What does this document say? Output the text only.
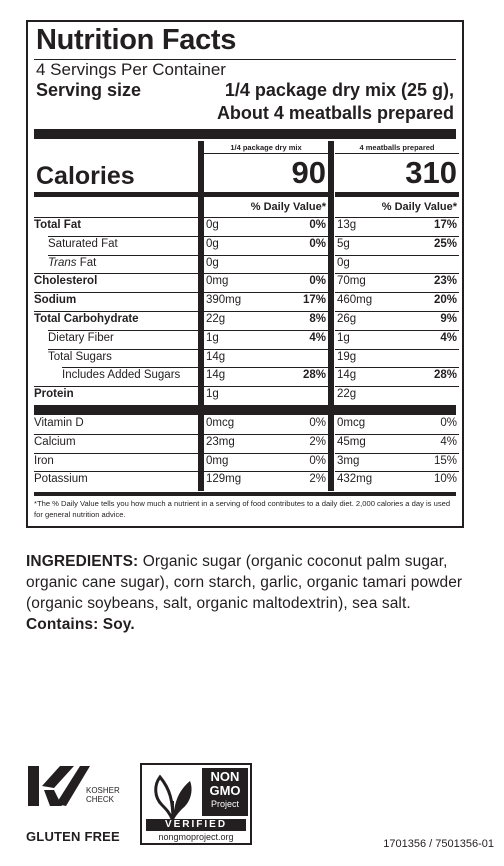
Nutrition Facts
4 Servings Per Container
Serving size	1/4 package dry mix (25 g),
About 4 meatballs prepared
1/4 package dry mix	4 meatballs prepared
Calories	90	310
% Daily Value*	% Daily Value*
Total Fat	0g	0% 13g	17%
Saturated Fat	0g	0% 5g	25%
Trans Fat	0g	0g
Cholesterol	0mg	0% 70mg	23%
Sodium	390mg	17% 460mg	20%
Total Carbohydrate	22g	8% 26g	9%
Dietary Fiber	1g	4% 1g	4%
Total Sugars	14g	19g
Includes Added Sugars 14g	28% 14g	28%
Protein	1g	22g
Vitamin D	0mcg	0% 0mcg	0%
Calcium	23mg	2% 45mg	4%
Iron	0mg	0% 3mg	15%
Potassium	129mg	2% 432mg	10%
*The % Daily Value tells you how much a nutrient in a serving of food contributes to a daily diet. 2,000 calories a day is used for general nutrition advice.
INGREDIENTS: Organic sugar (organic coconut palm sugar, organic cane sugar), corn starch, garlic, organic tamari powder (organic soybeans, salt, organic maltodextrin), sea salt. Contains: Soy.
KOSHER
CHECK
NON
GMO
Project
VERIFIED
nongmoproject.org
GLUTEN FREE	1701356 / 7501356-01
